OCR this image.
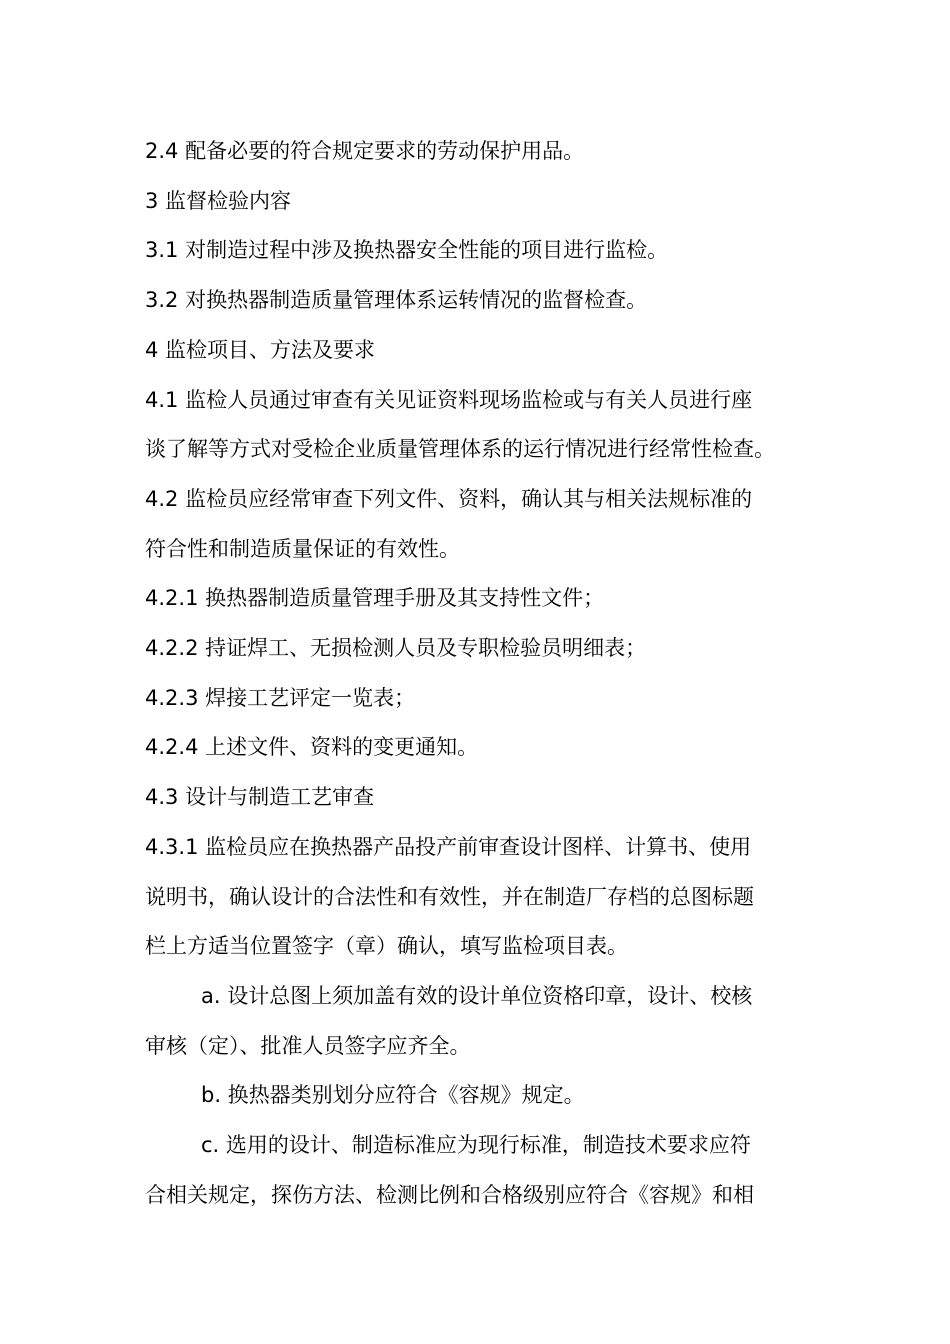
2.4 配备必要的符合规定要求的劳动保护用品。
3 监督检验内容
3.1 对制造过程中涉及换热器安全性能的项目进行监检。
3.2 对换热器制造质量管理体系运转情况的监督检查。
4 监检项目、方法及要求
4.1 监检人员通过审查有关见证资料现场监检或与有关人员进行座
谈了解等方式对受检企业质量管理体系的运行情况进行经常性检查。
4.2 监检员应经常审查下列文件、资料，确认其与相关法规标准的
符合性和制造质量保证的有效性。
4.2.1 换热器制造质量管理手册及其支持性文件；
4.2.2 持证焊工、无损检测人员及专职检验员明细表；
4.2.3 焊接工艺评定一览表；
4.2.4 上述文件、资料的变更通知。
4.3 设计与制造工艺审查
4.3.1 监检员应在换热器产品投产前审查设计图样、计算书、使用
说明书，确认设计的合法性和有效性，并在制造厂存档的总图标题
栏上方适当位置签字（章）确认，填写监检项目表。
a. 设计总图上须加盖有效的设计单位资格印章，设计、校核
审核（定）、批准人员签字应齐全。
b. 换热器类别划分应符合《容规》规定。
c. 选用的设计、制造标准应为现行标准，制造技术要求应符
合相关规定，探伤方法、检测比例和合格级别应符合《容规》和相
